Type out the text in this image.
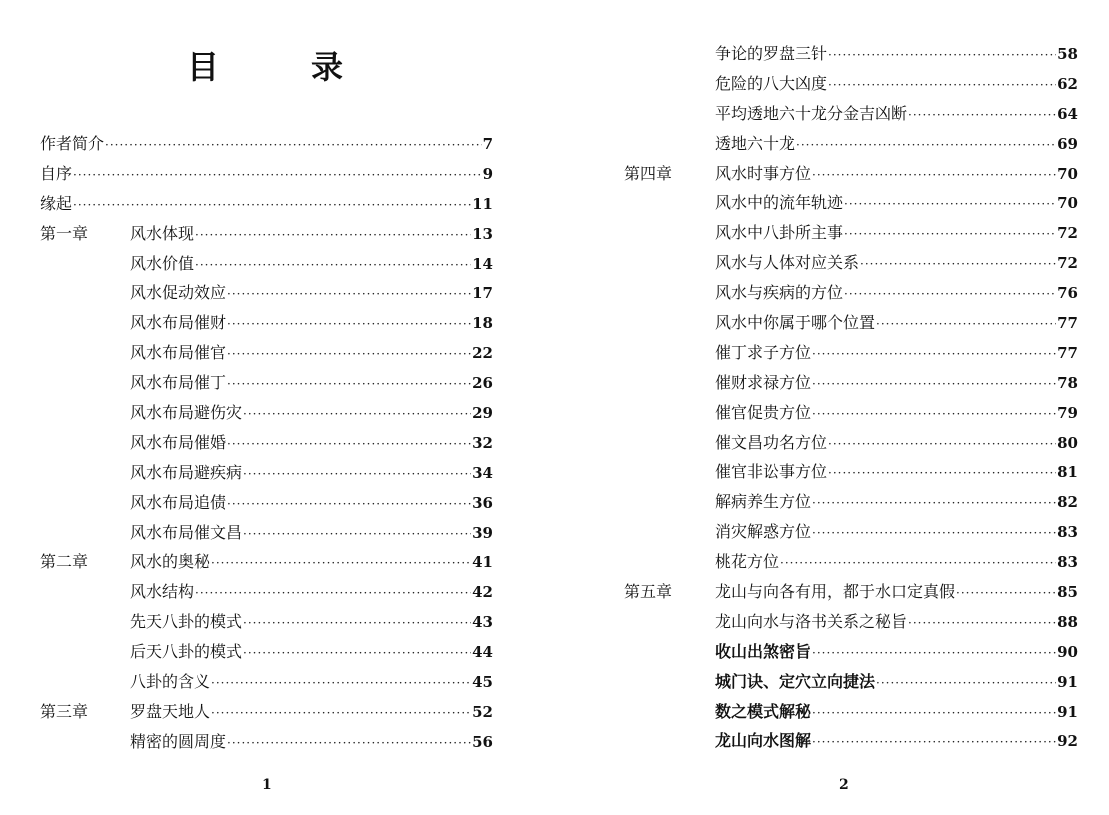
目　录
作者简介 ·····	7
自序 ·····	9
缘起 ·····	11
第一章	风水体现 ·····	13
风水价值 ·····	14
风水促动效应 ·····	17
风水布局催财 ·····	18
风水布局催官 ·····	22
风水布局催丁 ·····	26
风水布局避伤灾 ·····	29
风水布局催婚 ·····	32
风水布局避疾病 ·····	34
风水布局追债 ·····	36
风水布局催文昌 ·····	39
第二章	风水的奥秘 ·····	41
风水结构 ·····	42
先天八卦的模式 ·····	43
后天八卦的模式 ·····	44
八卦的含义 ·····	45
第三章	罗盘天地人 ·····	52
精密的圆周度 ·····	56
1
争论的罗盘三针 ·····	58
危险的八大凶度 ·····	62
平均透地六十龙分金吉凶断 ·····	64
透地六十龙 ·····	69
第四章	风水时事方位 ·····	70
风水中的流年轨迹 ·····	70
风水中八卦所主事 ·····	72
风水与人体对应关系 ·····	72
风水与疾病的方位 ·····	76
风水中你属于哪个位置 ·····	77
催丁求子方位 ·····	77
催财求禄方位 ·····	78
催官促贵方位 ·····	79
催文昌功名方位 ·····	80
催官非讼事方位 ·····	81
解病养生方位 ·····	82
消灾解惑方位 ·····	83
桃花方位 ·····	83
第五章	龙山与向各有用，都于水口定真假 ·····	85
龙山向水与洛书关系之秘旨 ·····	88
收山出煞密旨 ·····	90
城门诀、定穴立向捷法 ·····	91
数之模式解秘 ·····	91
龙山向水图解 ·····	92
2
